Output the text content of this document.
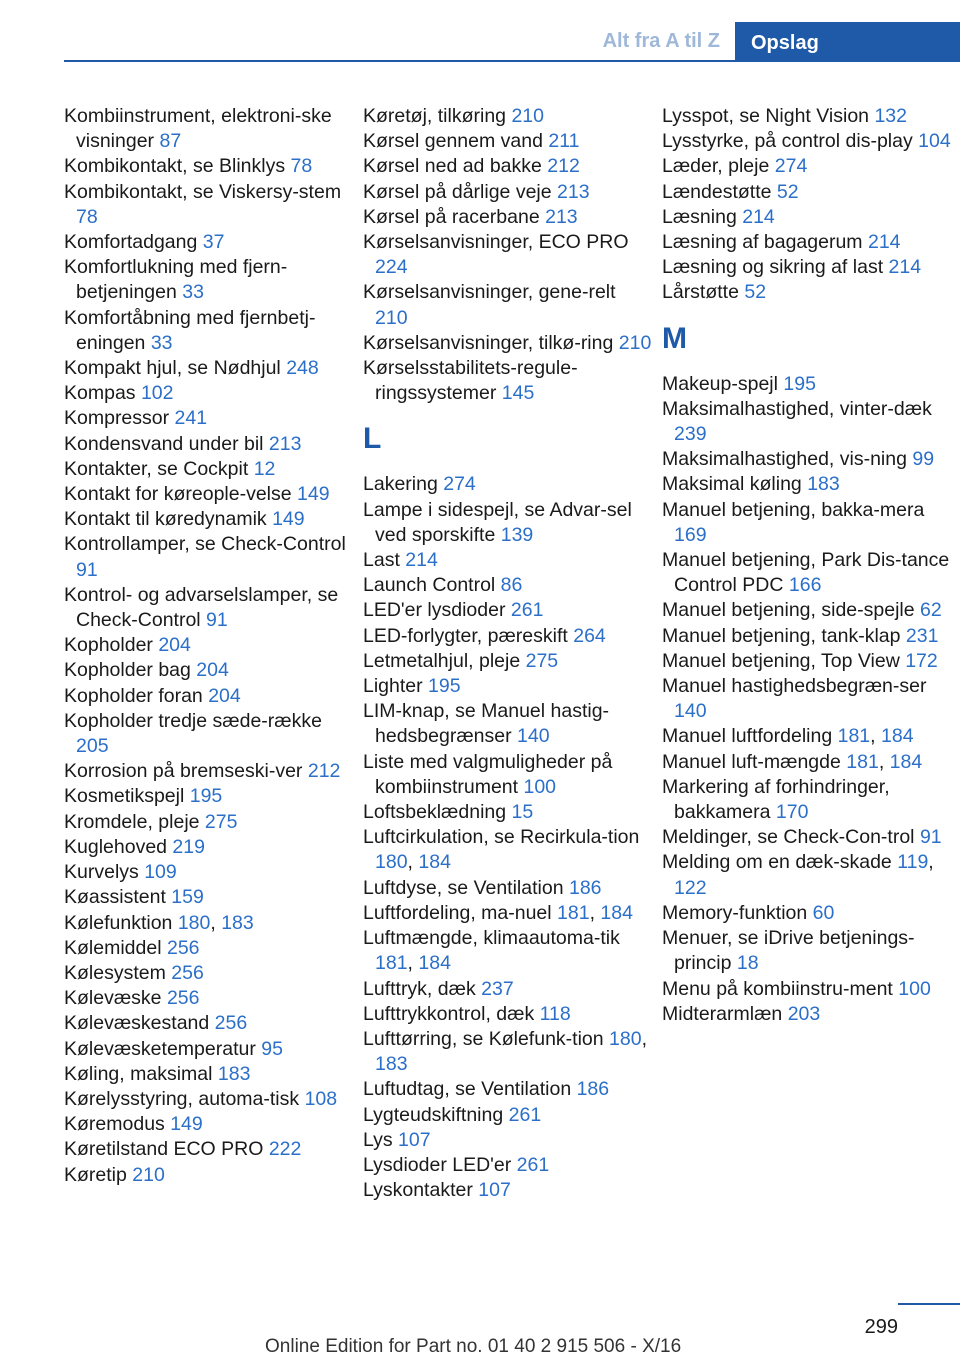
Alt fra A til Z	Opslag
Kombiinstrument, elektroni‐ske visninger 87
Kombikontakt, se Blinklys 78
Kombikontakt, se Viskersy‐stem 78
Komfortadgang 37
Komfortlukning med fjern‐betjeningen 33
Komfortåbning med fjernbetj‐eningen 33
Kompakt hjul, se Nødhjul 248
Kompas 102
Kompressor 241
Kondensvand under bil 213
Kontakter, se Cockpit 12
Kontakt for køreople‐velse 149
Kontakt til køredynamik 149
Kontrollamper, se Check-Control 91
Kontrol- og advarselslamper, se Check-Control 91
Kopholder 204
Kopholder bag 204
Kopholder foran 204
Kopholder tredje sæde‐række 205
Korrosion på bremseski‐ver 212
Kosmetikspejl 195
Kromdele, pleje 275
Kuglehoved 219
Kurvelys 109
Køassistent 159
Kølefunktion 180, 183
Kølemiddel 256
Kølesystem 256
Kølevæske 256
Kølevæskestand 256
Kølevæsketemperatur 95
Køling, maksimal 183
Kørelysstyring, automa‐tisk 108
Køremodus 149
Køretilstand ECO PRO 222
Køretip 210
Køretøj, tilkøring 210
Kørsel gennem vand 211
Kørsel ned ad bakke 212
Kørsel på dårlige veje 213
Kørsel på racerbane 213
Kørselsanvisninger, ECO PRO 224
Kørselsanvisninger, gene‐relt 210
Kørselsanvisninger, tilkø‐ring 210
Kørselsstabilitets-regule‐ringssystemer 145
L
Lakering 274
Lampe i sidespejl, se Advar‐sel ved sporskifte 139
Last 214
Launch Control 86
LED'er lysdioder 261
LED-forlygter, pæreskift 264
Letmetalhjul, pleje 275
Lighter 195
LIM-knap, se Manuel hastig‐hedsbegrænser 140
Liste med valgmuligheder på kombiinstrument 100
Loftsbeklædning 15
Luftcirkulation, se Recirkula‐tion 180, 184
Luftdyse, se Ventilation 186
Luftfordeling, ma‐nuel 181, 184
Luftmængde, klimaautoma‐tik 181, 184
Lufttryk, dæk 237
Lufttrykkontrol, dæk 118
Lufttørring, se Kølefunk‐tion 180, 183
Luftudtag, se Ventilation 186
Lygteudskiftning 261
Lys 107
Lysdioder LED'er 261
Lyskontakter 107
Lysspot, se Night Vision 132
Lysstyrke, på control dis‐play 104
Læder, pleje 274
Lændestøtte 52
Læsning 214
Læsning af bagagerum 214
Læsning og sikring af last 214
Lårstøtte 52
M
Makeup-spejl 195
Maksimalhastighed, vinter‐dæk 239
Maksimalhastighed, vis‐ning 99
Maksimal køling 183
Manuel betjening, bakka‐mera 169
Manuel betjening, Park Dis‐tance Control PDC 166
Manuel betjening, side‐spejle 62
Manuel betjening, tank‐klap 231
Manuel betjening, Top View 172
Manuel hastighedsbegræn‐ser 140
Manuel luftfordeling 181, 184
Manuel luft‐mængde 181, 184
Markering af forhindringer, bakkamera 170
Meldinger, se Check-Con‐trol 91
Melding om en dæk‐skade 119, 122
Memory-funktion 60
Menuer, se iDrive betjenings‐princip 18
Menu på kombiinstru‐ment 100
Midterarmlæn 203
299
Online Edition for Part no. 01 40 2 915 506 - X/16
